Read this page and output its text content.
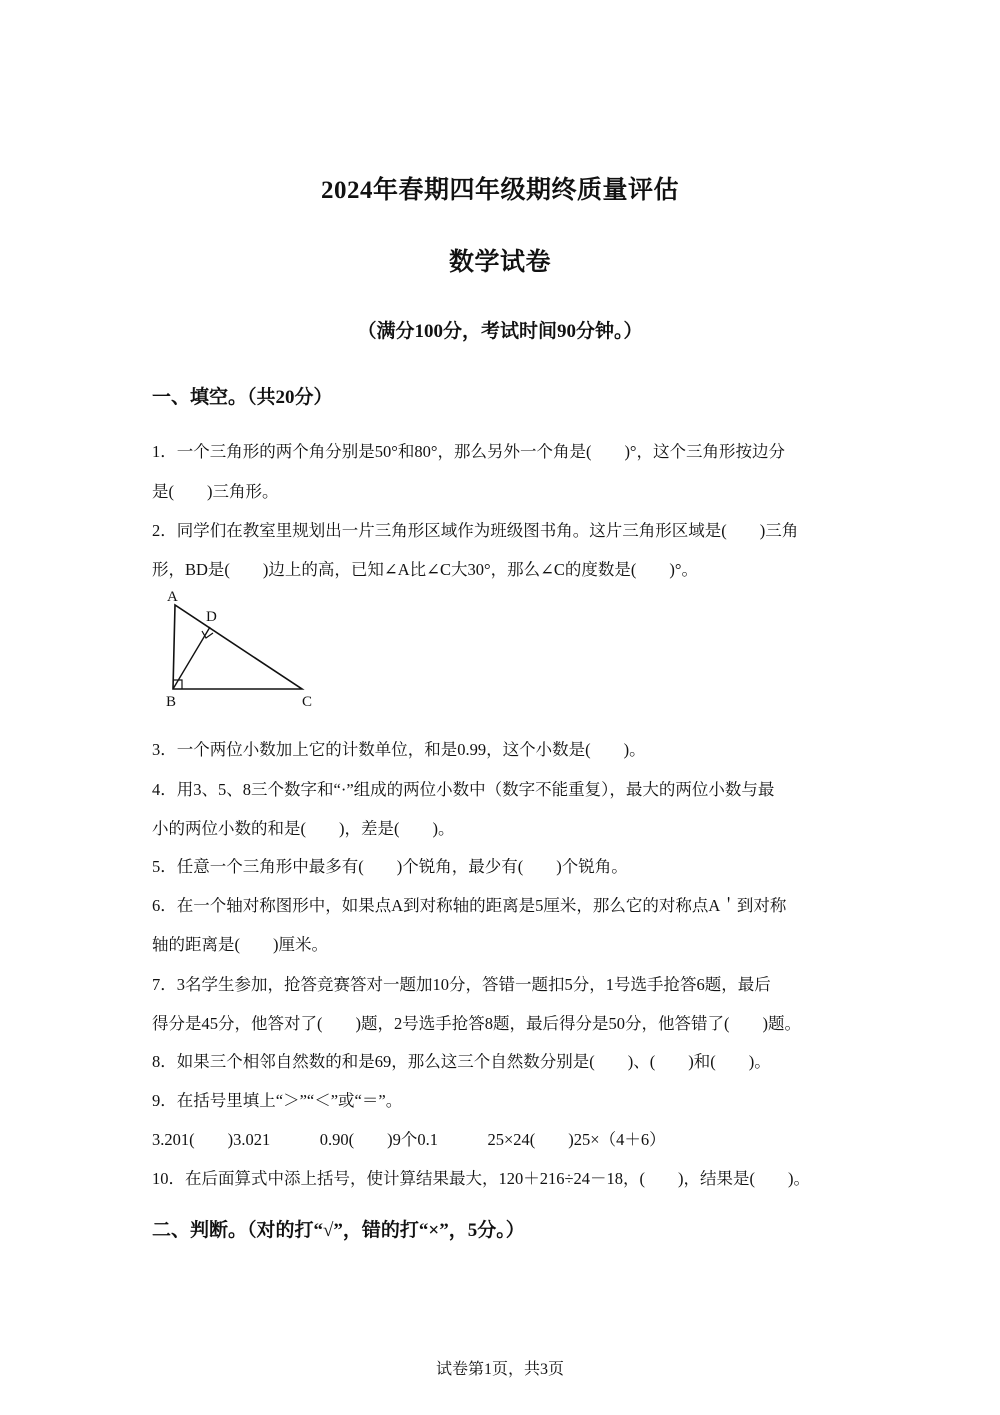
2024年春期四年级期终质量评估
数学试卷
（满分100分，考试时间90分钟。）
一、填空。（共20分）
1．一个三角形的两个角分别是50°和80°，那么另外一个角是(　　)°，这个三角形按边分
是(　　)三角形。
2．同学们在教室里规划出一片三角形区域作为班级图书角。这片三角形区域是(　　)三角
形，BD是(　　)边上的高，已知∠A比∠C大30°，那么∠C的度数是(　　)°。
A
D
B	C
3．一个两位小数加上它的计数单位，和是0.99，这个小数是(　　)。
4．用3、5、8三个数字和“·”组成的两位小数中（数字不能重复），最大的两位小数与最
小的两位小数的和是(　　)，差是(　　)。
5．任意一个三角形中最多有(　　)个锐角，最少有(　　)个锐角。
6．在一个轴对称图形中，如果点A到对称轴的距离是5厘米，那么它的对称点A＇到对称
轴的距离是(　　)厘米。
7．3名学生参加，抢答竞赛答对一题加10分，答错一题扣5分，1号选手抢答6题，最后
得分是45分，他答对了(　　)题，2号选手抢答8题，最后得分是50分，他答错了(　　)题。
8．如果三个相邻自然数的和是69，那么这三个自然数分别是(　　)、(　　)和(　　)。
9．在括号里填上“＞”“＜”或“＝”。
3.201(　　)3.021　　　0.90(　　)9个0.1　　　25×24(　　)25×（4＋6）
10．在后面算式中添上括号，使计算结果最大，120＋216÷24－18，(　　)，结果是(　　)。
二、判断。（对的打“√”，错的打“×”，5分。）
试卷第1页，共3页
